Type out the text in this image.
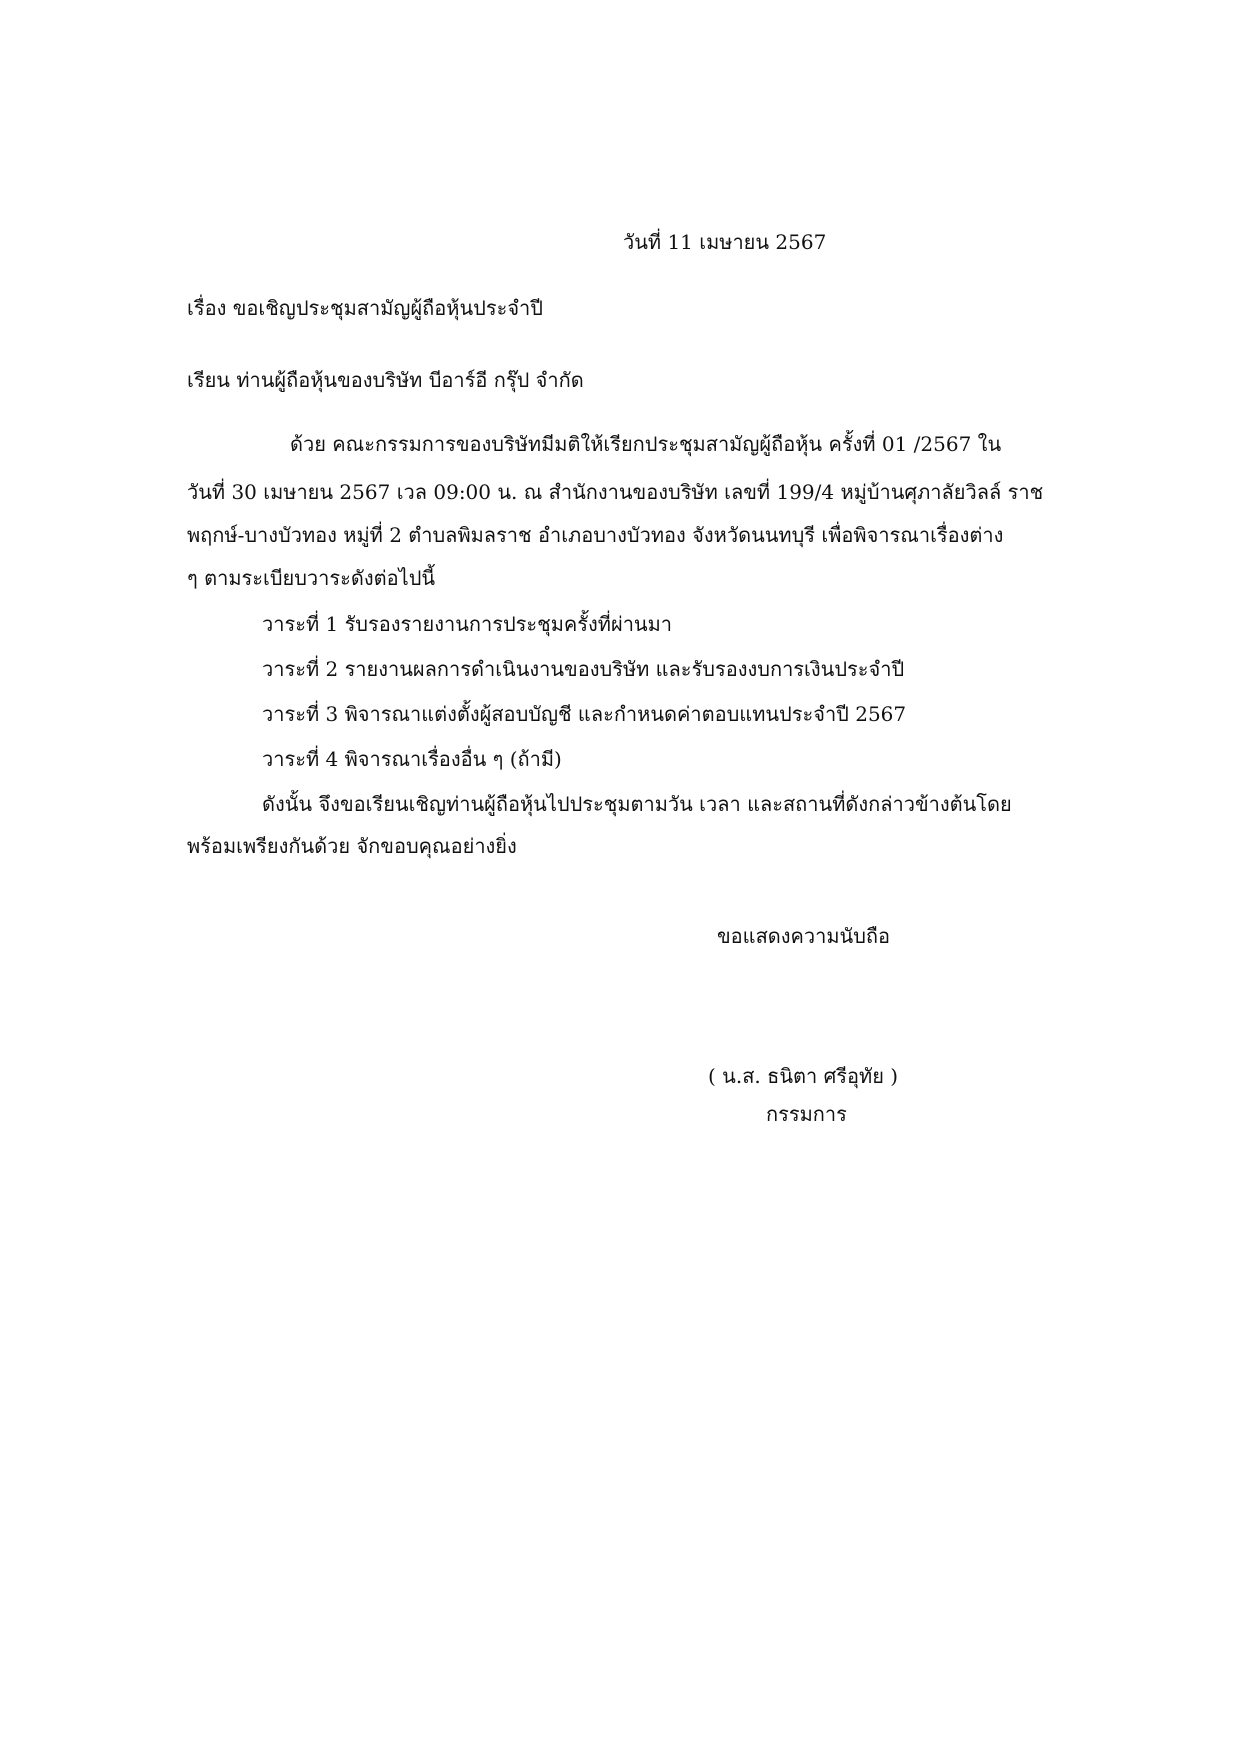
วันที่ 11 เมษายน 2567
เรื่อง ขอเชิญประชุมสามัญผู้ถือหุ้นประจำปี
เรียน ท่านผู้ถือหุ้นของบริษัท บีอาร์อี กรุ๊ป จำกัด
ด้วย คณะกรรมการของบริษัทมีมติให้เรียกประชุมสามัญผู้ถือหุ้น ครั้งที่ 01 /2567 ใน
วันที่ 30 เมษายน 2567 เวล 09:00 น. ณ สำนักงานของบริษัท เลขที่ 199/4 หมู่บ้านศุภาลัยวิลล์ ราช
พฤกษ์-บางบัวทอง หมู่ที่ 2 ตำบลพิมลราช อำเภอบางบัวทอง จังหวัดนนทบุรี เพื่อพิจารณาเรื่องต่าง
ๆ ตามระเบียบวาระดังต่อไปนี้
วาระที่ 1 รับรองรายงานการประชุมครั้งที่ผ่านมา
วาระที่ 2 รายงานผลการดำเนินงานของบริษัท และรับรองงบการเงินประจำปี
วาระที่ 3 พิจารณาแต่งตั้งผู้สอบบัญชี และกำหนดค่าตอบแทนประจำปี 2567
วาระที่ 4 พิจารณาเรื่องอื่น ๆ (ถ้ามี)
ดังนั้น จึงขอเรียนเชิญท่านผู้ถือหุ้นไปประชุมตามวัน เวลา และสถานที่ดังกล่าวข้างต้นโดย
พร้อมเพรียงกันด้วย จักขอบคุณอย่างยิ่ง
ขอแสดงความนับถือ
( น.ส. ธนิตา ศรีอุทัย )
กรรมการ
